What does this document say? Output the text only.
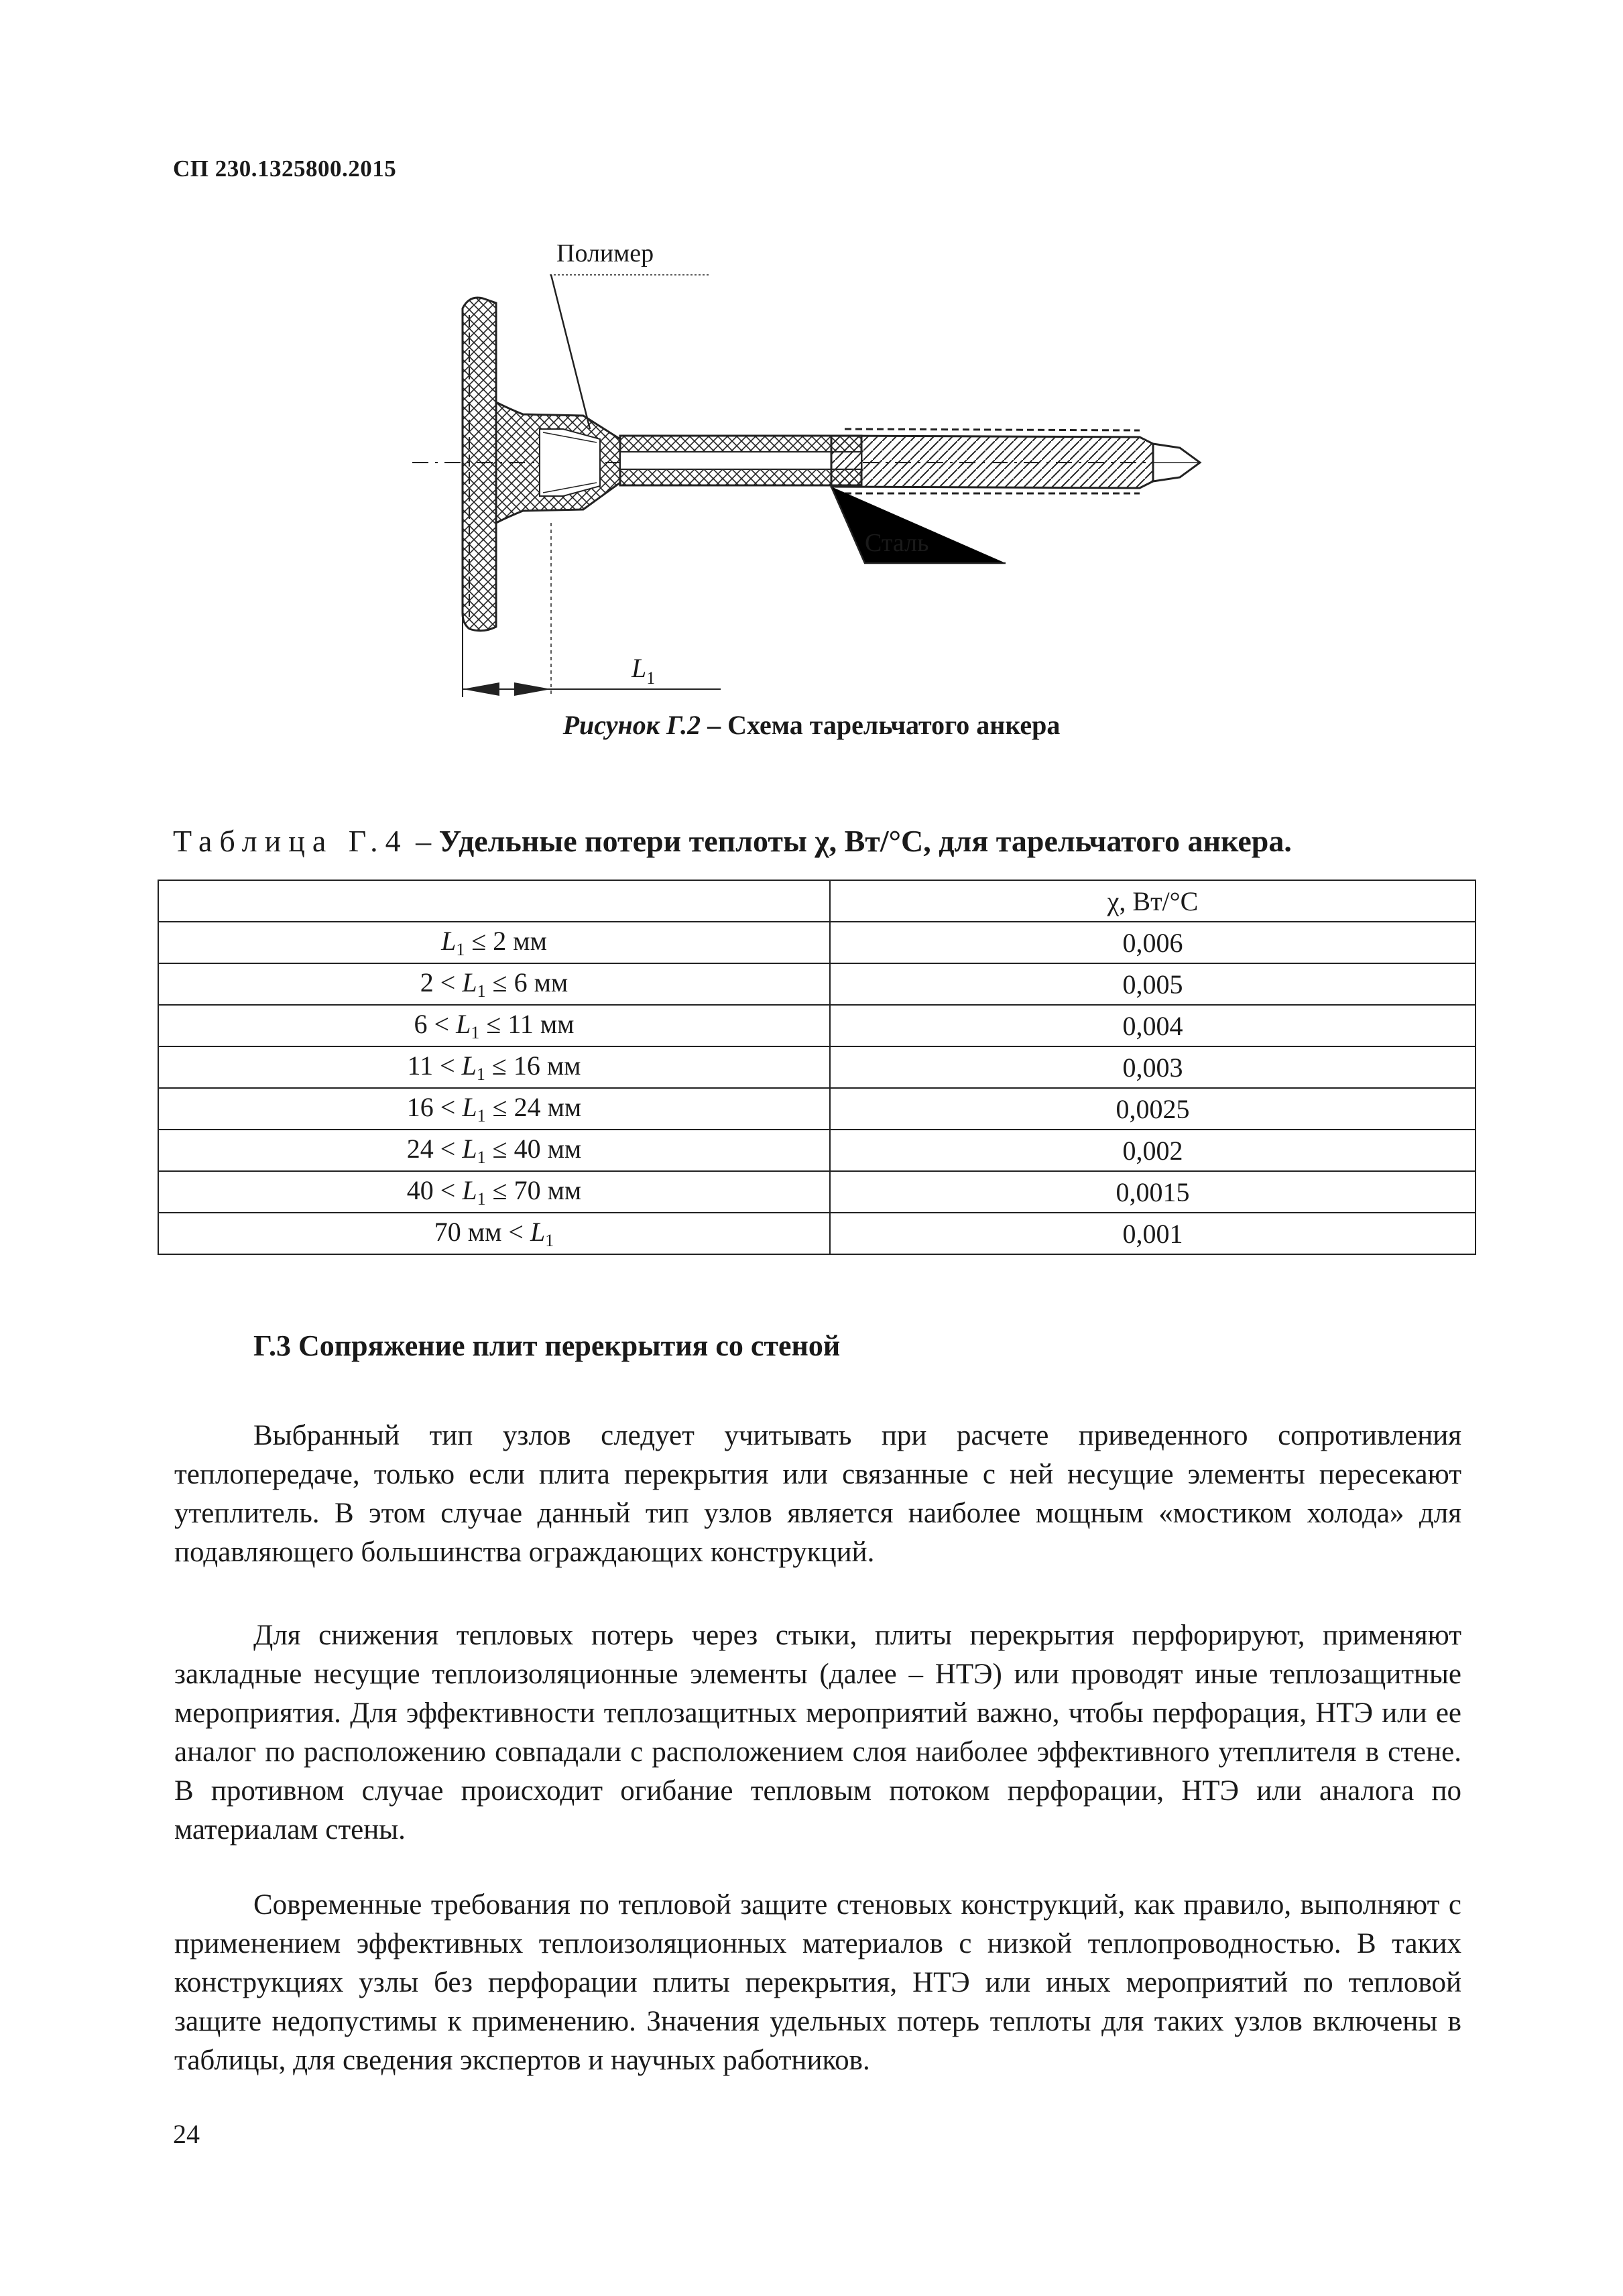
СП 230.1325800.2015
Полимер
Сталь
$L_1$
Рисунок Г.2 – Схема тарельчатого анкера
Таблица Г.4 – Удельные потери теплоты χ, Вт/°С, для тарельчатого анкера.
	χ, Вт/°С
$L_1 \le 2$ мм	0,006
$2 < L_1 \le 6$ мм	0,005
$6 < L_1 \le 11$ мм	0,004
$11 < L_1 \le 16$ мм	0,003
$16 < L_1 \le 24$ мм	0,0025
$24 < L_1 \le 40$ мм	0,002
$40 < L_1 \le 70$ мм	0,0015
70 мм < $L_1$	0,001
Г.3 Сопряжение плит перекрытия со стеной

Выбранный тип узлов следует учитывать при расчете приведенного сопротивления теплопередаче, только если плита перекрытия или связанные с ней несущие элементы пересекают утеплитель. В этом случае данный тип узлов является наиболее мощным «мостиком холода» для подавляющего большинства ограждающих конструкций.

Для снижения тепловых потерь через стыки, плиты перекрытия перфорируют, применяют закладные несущие теплоизоляционные элементы (далее – НТЭ) или проводят иные теплозащитные мероприятия. Для эффективности теплозащитных мероприятий важно, чтобы перфорация, НТЭ или ее аналог по расположению совпадали с расположением слоя наиболее эффективного утеплителя в стене. В противном случае происходит огибание тепловым потоком перфорации, НТЭ или аналога по материалам стены.

Современные требования по тепловой защите стеновых конструкций, как правило, выполняют с применением эффективных теплоизоляционных материалов с низкой теплопроводностью. В таких конструкциях узлы без перфорации плиты перекрытия, НТЭ или иных мероприятий по тепловой защите недопустимы к применению. Значения удельных потерь теплоты для таких узлов включены в таблицы, для сведения экспертов и научных работников.

24
